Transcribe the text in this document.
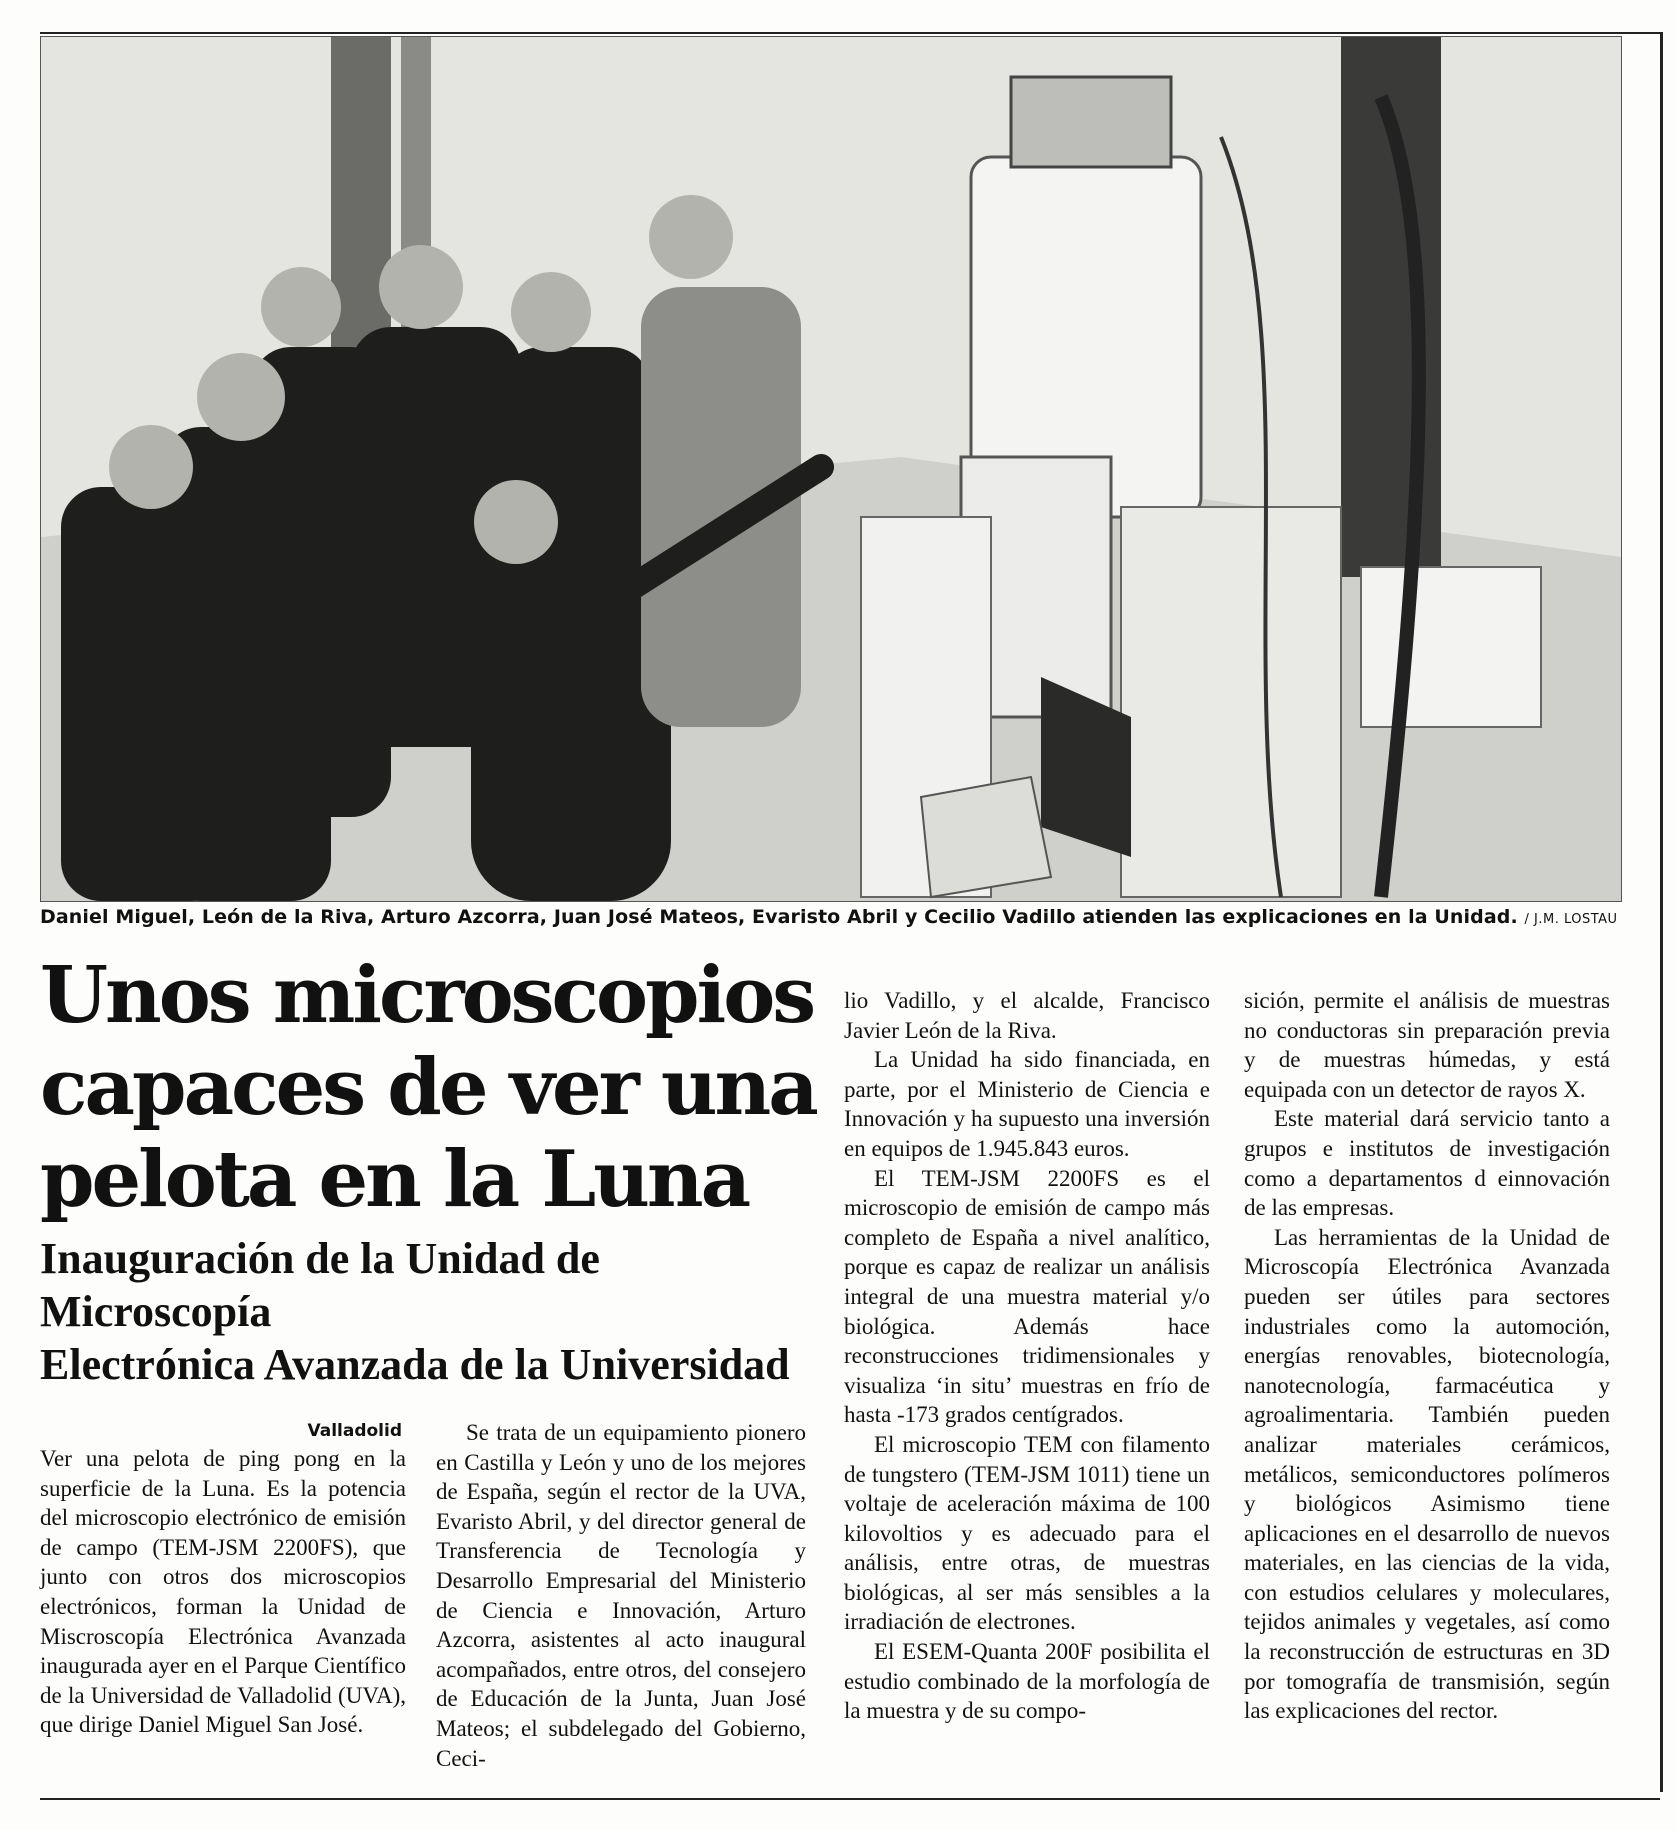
Daniel Miguel, León de la Riva, Arturo Azcorra, Juan José Mateos, Evaristo Abril y Cecilio Vadillo atienden las explicaciones en la Unidad. / J.M. LOSTAU
Unos microscopios
capaces de ver una
pelota en la Luna
Inauguración de la Unidad de Microscopía
Electrónica Avanzada de la Universidad
Valladolid

Ver una pelota de ping pong en la superficie de la Luna. Es la potencia del microscopio electrónico de emisión de campo (TEM-JSM 2200FS), que junto con otros dos microscopios electrónicos, forman la Unidad de Miscroscopía Electrónica Avanzada inaugurada ayer en el Parque Científico de la Universidad de Valladolid (UVA), que dirige Daniel Miguel San José.

Se trata de un equipamiento pionero en Castilla y León y uno de los mejores de España, según el rector de la UVA, Evaristo Abril, y del director general de Transferencia de Tecnología y Desarrollo Empresarial del Ministerio de Ciencia e Innovación, Arturo Azcorra, asistentes al acto inaugural acompañados, entre otros, del consejero de Educación de la Junta, Juan José Mateos; el subdelegado del Gobierno, Ceci-

lio Vadillo, y el alcalde, Francisco Javier León de la Riva.

La Unidad ha sido financiada, en parte, por el Ministerio de Ciencia e Innovación y ha supuesto una inversión en equipos de 1.945.843 euros.

El TEM-JSM 2200FS es el microscopio de emisión de campo más completo de España a nivel analítico, porque es capaz de realizar un análisis integral de una muestra material y/o biológica. Además hace reconstrucciones tridimensionales y visualiza ‘in situ’ muestras en frío de hasta -173 grados centígrados.

El microscopio TEM con filamento de tungstero (TEM-JSM 1011) tiene un voltaje de aceleración máxima de 100 kilovoltios y es adecuado para el análisis, entre otras, de muestras biológicas, al ser más sensibles a la irradiación de electrones.

El ESEM-Quanta 200F posibilita el estudio combinado de la morfología de la muestra y de su compo-

sición, permite el análisis de muestras no conductoras sin preparación previa y de muestras húmedas, y está equipada con un detector de rayos X.

Este material dará servicio tanto a grupos e institutos de investigación como a departamentos d einnovación de las empresas.

Las herramientas de la Unidad de Microscopía Electrónica Avanzada pueden ser útiles para sectores industriales como la automoción, energías renovables, biotecnología, nanotecnología, farmacéutica y agroalimentaria. También pueden analizar materiales cerámicos, metálicos, semiconductores polímeros y biológicos Asimismo tiene aplicaciones en el desarrollo de nuevos materiales, en las ciencias de la vida, con estudios celulares y moleculares, tejidos animales y vegetales, así como la reconstrucción de estructuras en 3D por tomografía de transmisión, según las explicaciones del rector.
